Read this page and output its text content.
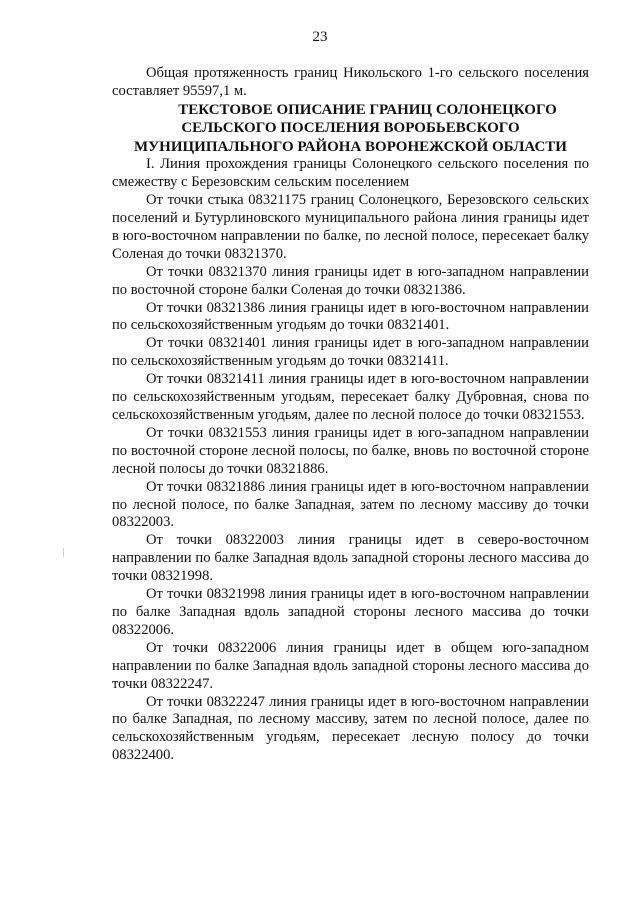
23

Общая протяженность границ Никольского 1-го сельского поселения составляет 95597,1 м.

ТЕКСТОВОЕ ОПИСАНИЕ ГРАНИЦ СОЛОНЕЦКОГО СЕЛЬСКОГО ПОСЕЛЕНИЯ ВОРОБЬЕВСКОГО МУНИЦИПАЛЬНОГО РАЙОНА ВОРОНЕЖСКОЙ ОБЛАСТИ

I. Линия прохождения границы Солонецкого сельского поселения по смежеству с Березовским сельским поселением

От точки стыка 08321175 границ Солонецкого, Березовского сельских поселений и Бутурлиновского муниципального района линия границы идет в юго-восточном направлении по балке, по лесной полосе, пересекает балку Соленая до точки 08321370.

От точки 08321370 линия границы идет в юго-западном направлении по восточной стороне балки Соленая до точки 08321386.

От точки 08321386 линия границы идет в юго-восточном направлении по сельскохозяйственным угодьям до точки 08321401.

От точки 08321401 линия границы идет в юго-западном направлении по сельскохозяйственным угодьям до точки 08321411.

От точки 08321411 линия границы идет в юго-восточном направлении по сельскохозяйственным угодьям, пересекает балку Дубровная, снова по сельскохозяйственным угодьям, далее по лесной полосе до точки 08321553.

От точки 08321553 линия границы идет в юго-западном направлении по восточной стороне лесной полосы, по балке, вновь по восточной стороне лесной полосы до точки 08321886.

От точки 08321886 линия границы идет в юго-восточном направлении по лесной полосе, по балке Западная, затем по лесному массиву до точки 08322003.

От точки 08322003 линия границы идет в северо-восточном направлении по балке Западная вдоль западной стороны лесного массива до точки 08321998.

От точки 08321998 линия границы идет в юго-восточном направлении по балке Западная вдоль западной стороны лесного массива до точки 08322006.

От точки 08322006 линия границы идет в общем юго-западном направлении по балке Западная вдоль западной стороны лесного массива до точки 08322247.

От точки 08322247 линия границы идет в юго-восточном направлении по балке Западная, по лесному массиву, затем по лесной полосе, далее по сельскохозяйственным угодьям, пересекает лесную полосу до точки 08322400.
